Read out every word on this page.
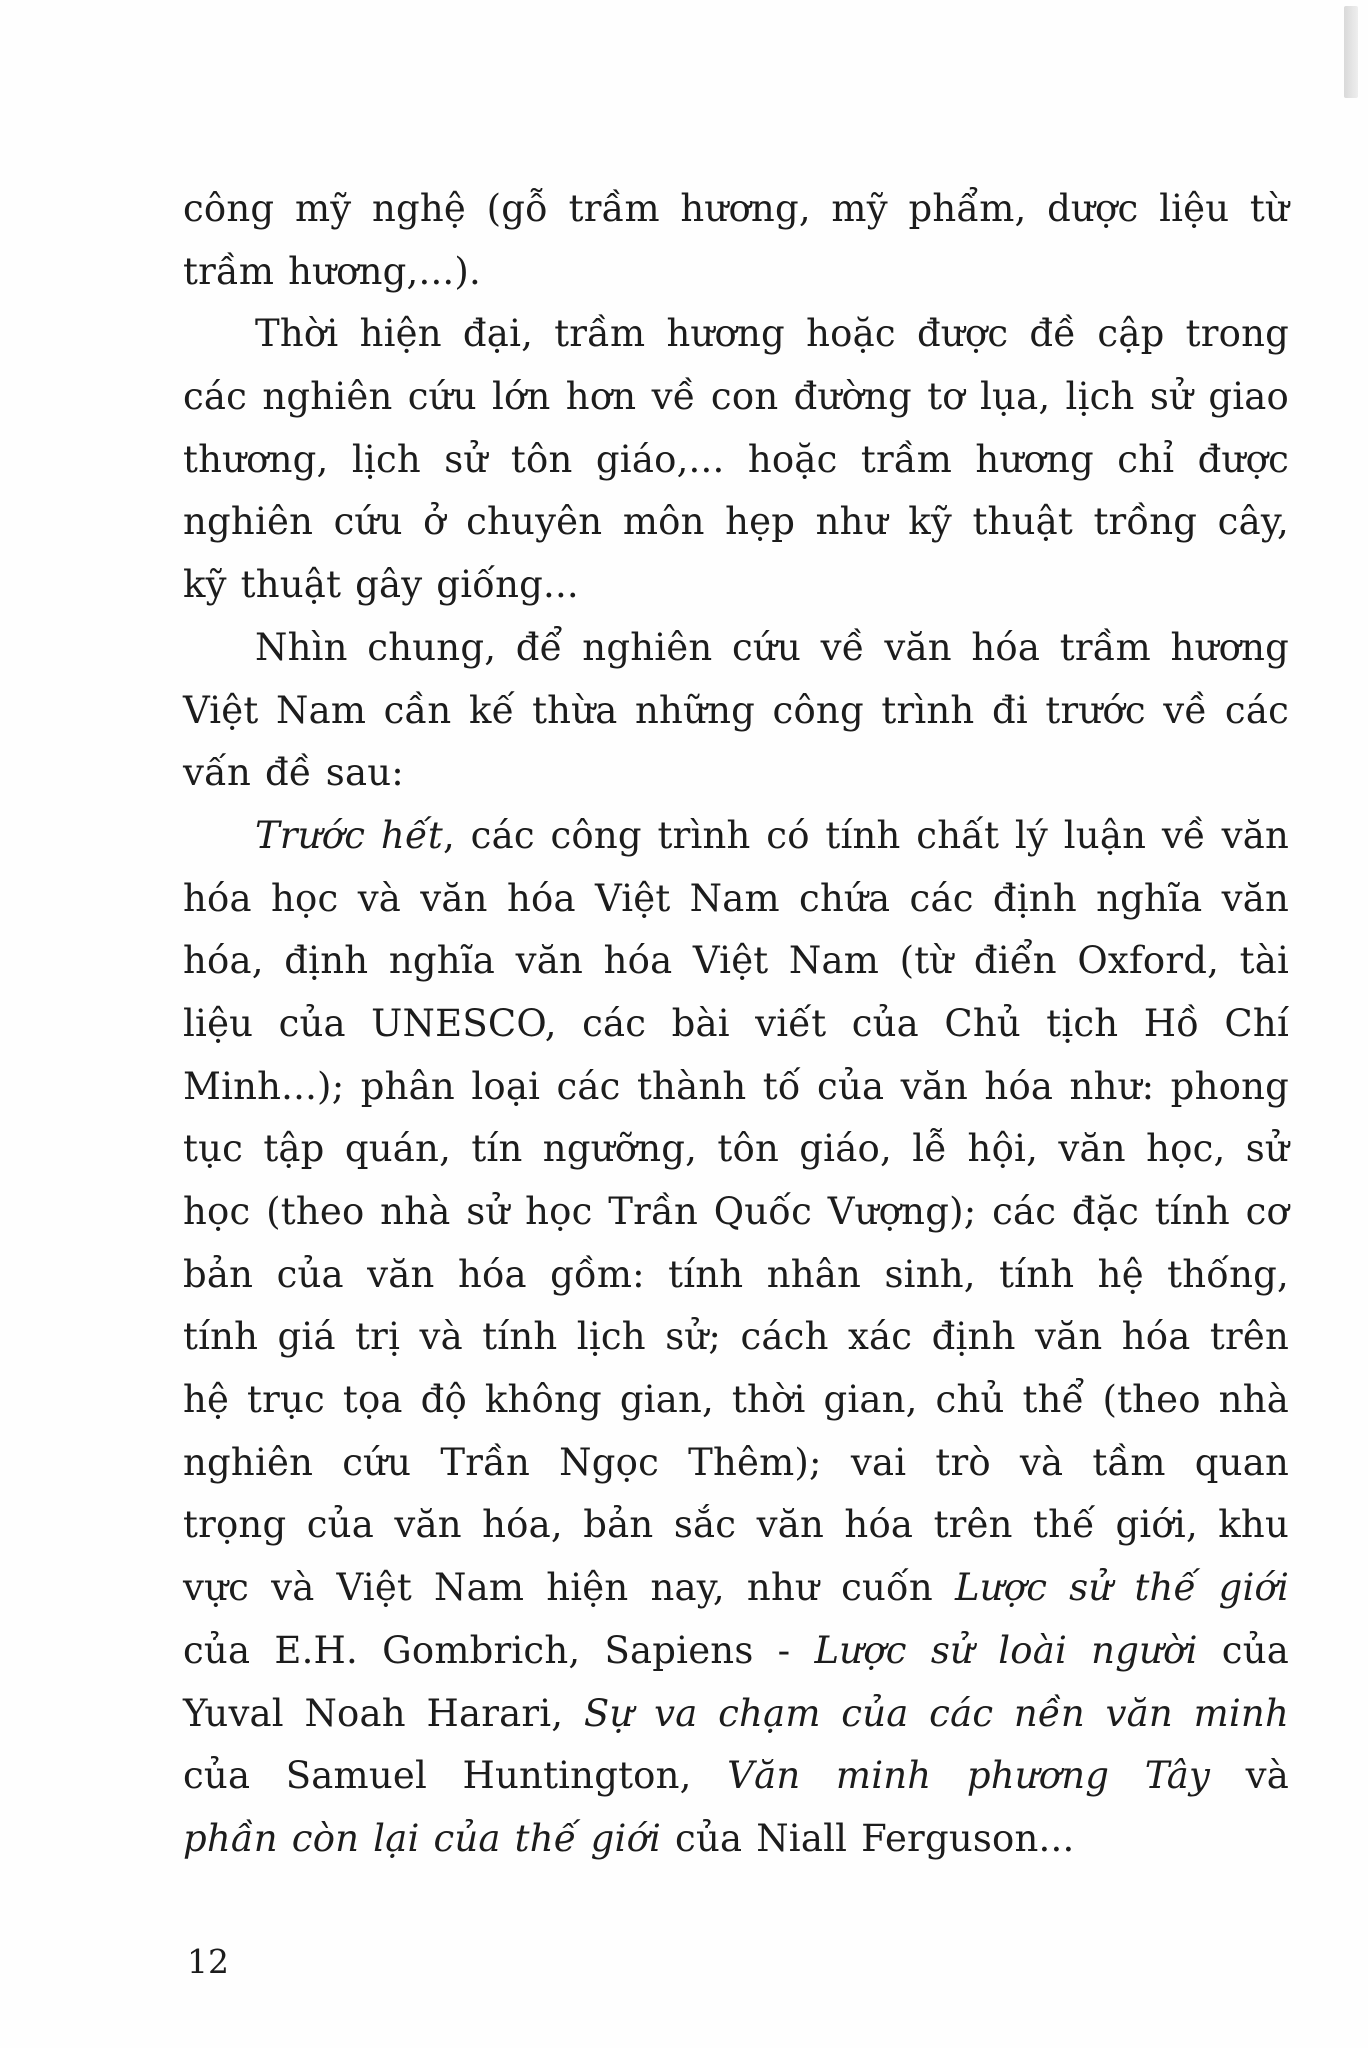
công mỹ nghệ (gỗ trầm hương, mỹ phẩm, dược liệu từ
trầm hương,...).
Thời hiện đại, trầm hương hoặc được đề cập trong
các nghiên cứu lớn hơn về con đường tơ lụa, lịch sử giao
thương, lịch sử tôn giáo,... hoặc trầm hương chỉ được
nghiên cứu ở chuyên môn hẹp như kỹ thuật trồng cây,
kỹ thuật gây giống...
Nhìn chung, để nghiên cứu về văn hóa trầm hương
Việt Nam cần kế thừa những công trình đi trước về các
vấn đề sau:
Trước hết, các công trình có tính chất lý luận về văn
hóa học và văn hóa Việt Nam chứa các định nghĩa văn
hóa, định nghĩa văn hóa Việt Nam (từ điển Oxford, tài
liệu của UNESCO, các bài viết của Chủ tịch Hồ Chí
Minh...); phân loại các thành tố của văn hóa như: phong
tục tập quán, tín ngưỡng, tôn giáo, lễ hội, văn học, sử
học (theo nhà sử học Trần Quốc Vượng); các đặc tính cơ
bản của văn hóa gồm: tính nhân sinh, tính hệ thống,
tính giá trị và tính lịch sử; cách xác định văn hóa trên
hệ trục tọa độ không gian, thời gian, chủ thể (theo nhà
nghiên cứu Trần Ngọc Thêm); vai trò và tầm quan
trọng của văn hóa, bản sắc văn hóa trên thế giới, khu
vực và Việt Nam hiện nay, như cuốn Lược sử thế giới
của E.H. Gombrich, Sapiens - Lược sử loài người của
Yuval Noah Harari, Sự va chạm của các nền văn minh
của Samuel Huntington, Văn minh phương Tây và
phần còn lại của thế giới của Niall Ferguson...
12
